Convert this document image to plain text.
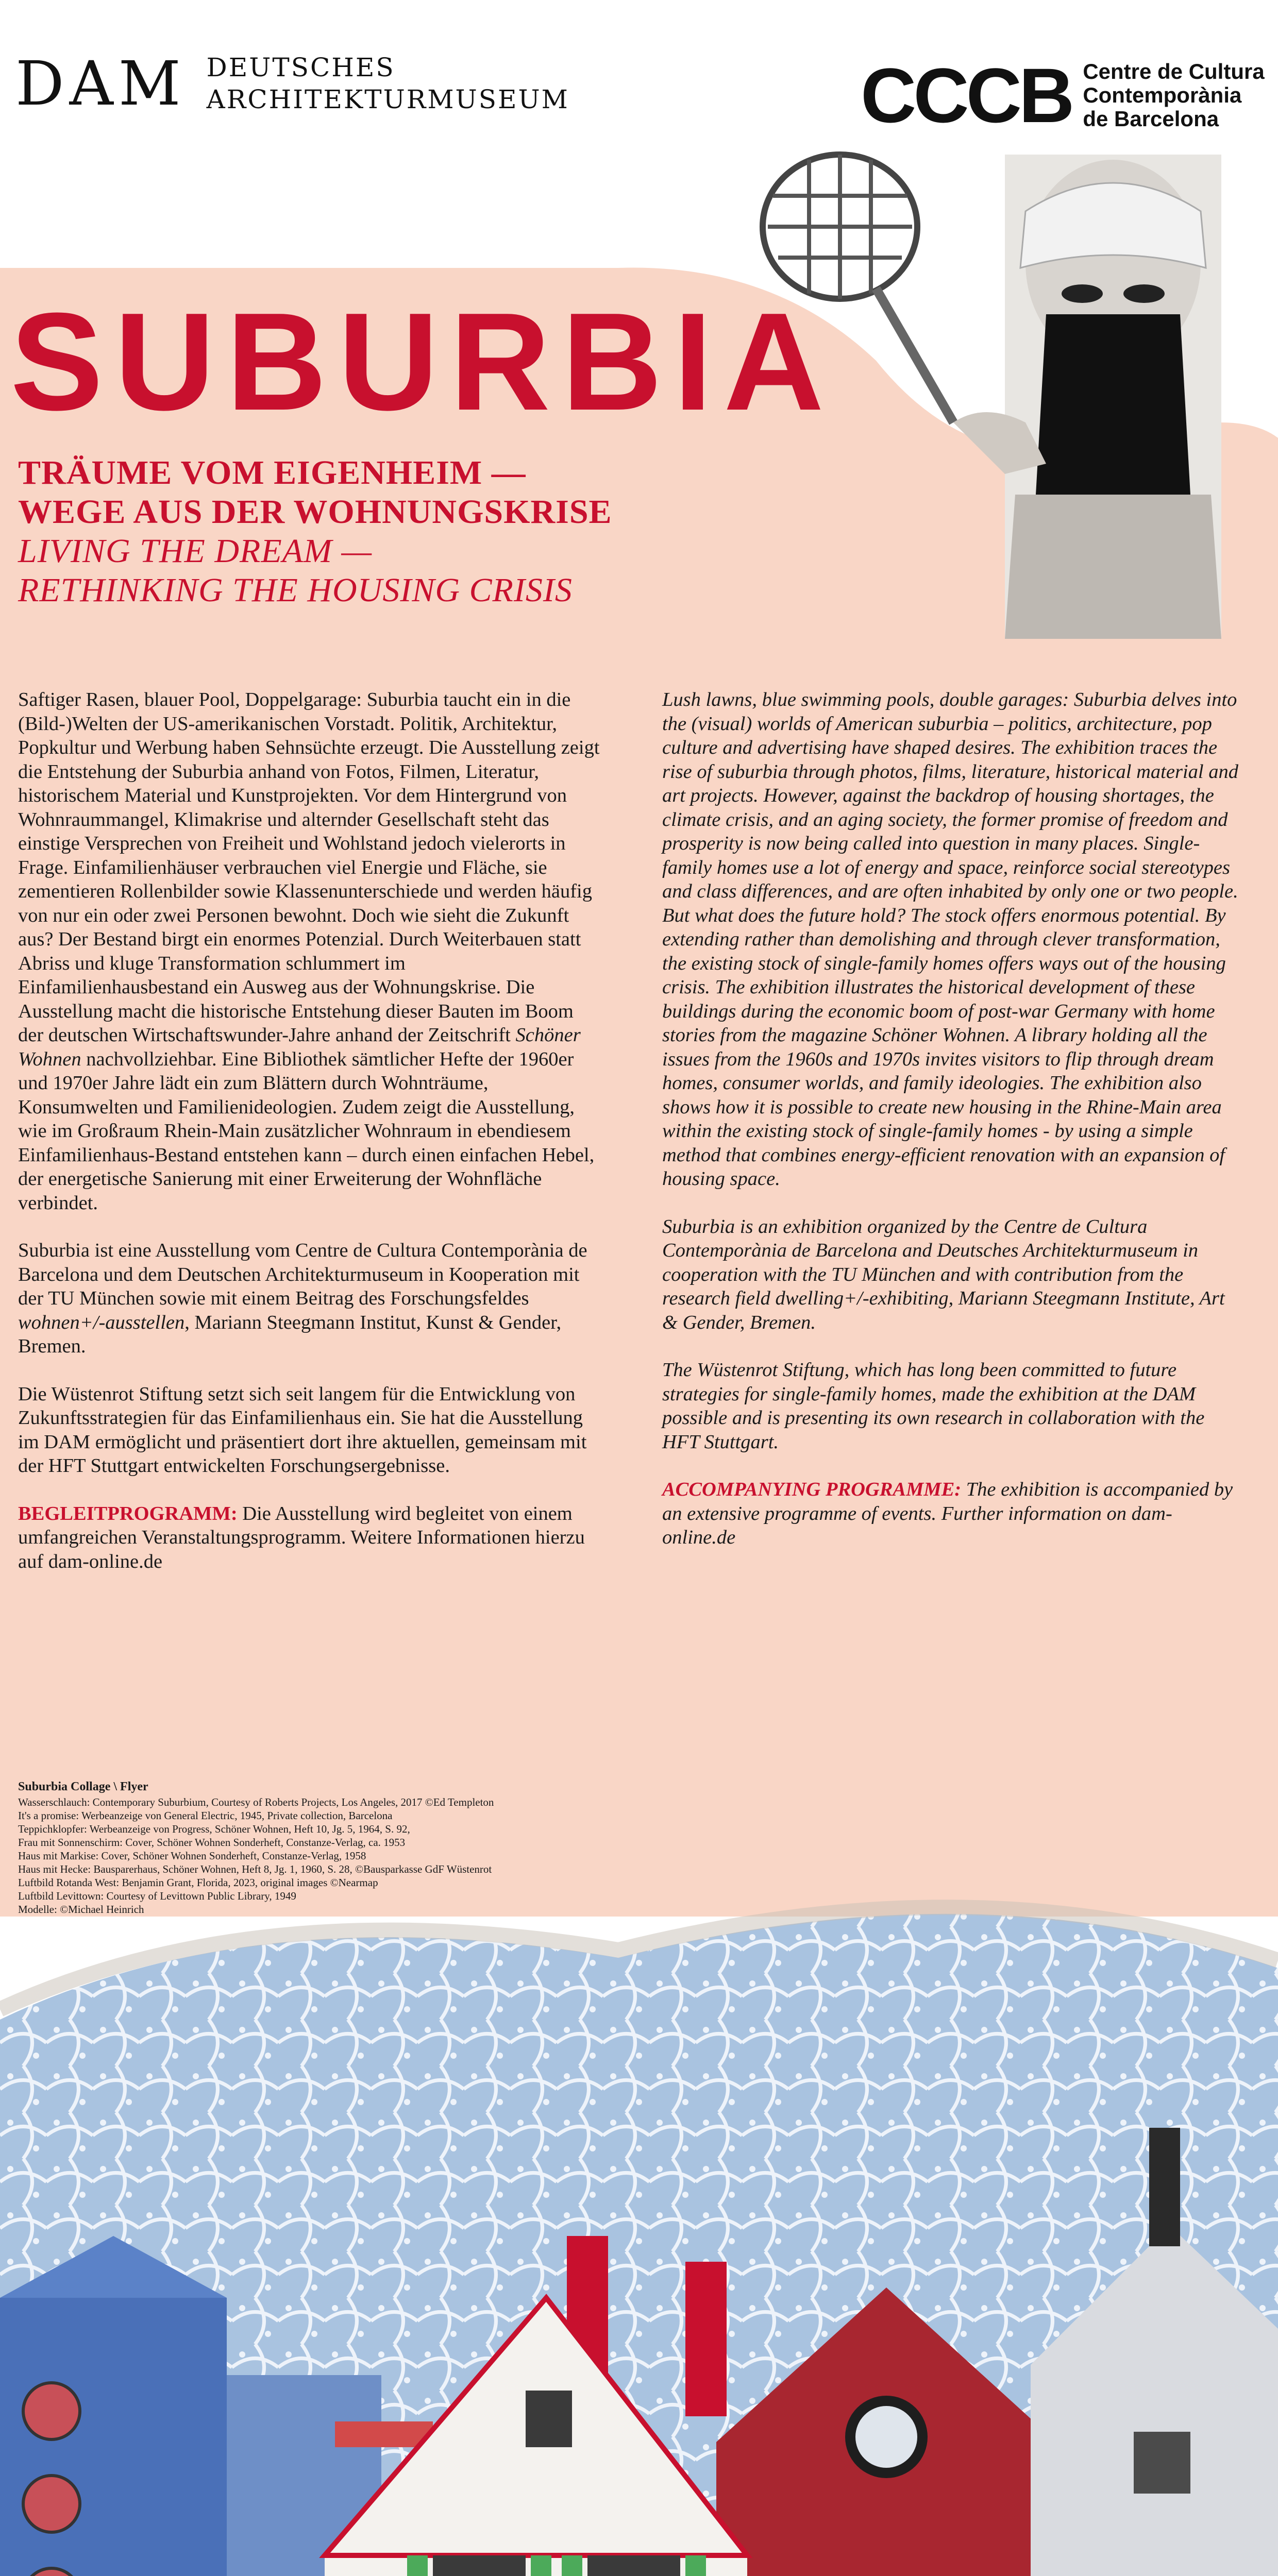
DAM DEUTSCHES
ARCHITEKTURMUSEUM	CCCB Centre de Cultura
Contemporània
de Barcelona
SUBURBIA
TRÄUME VOM EIGENHEIM —
WEGE AUS DER WOHNUNGSKRISE
LIVING THE DREAM —
RETHINKING THE HOUSING CRISIS

Saftiger Rasen, blauer Pool, Doppelgarage: Suburbia taucht ein in die (Bild-)Welten der US-amerikanischen Vorstadt. Politik, Architektur, Popkultur und Werbung haben Sehnsüchte erzeugt. Die Ausstellung zeigt die Entstehung der Suburbia anhand von Fotos, Filmen, Literatur, historischem Material und Kunstprojekten. Vor dem Hintergrund von Wohnraummangel, Klimakrise und alternder Gesellschaft steht das einstige Versprechen von Freiheit und Wohlstand jedoch vielerorts in Frage. Einfamilienhäuser verbrauchen viel Energie und Fläche, sie zementieren Rollenbilder sowie Klassenunterschiede und werden häufig von nur ein oder zwei Personen bewohnt. Doch wie sieht die Zukunft aus? Der Bestand birgt ein enormes Potenzial. Durch Weiterbauen statt Abriss und kluge Transformation schlummert im Einfamilienhausbestand ein Ausweg aus der Wohnungskrise. Die Ausstellung macht die historische Entstehung dieser Bauten im Boom der deutschen Wirtschaftswunder-Jahre anhand der Zeitschrift Schöner Wohnen nachvollziehbar. Eine Bibliothek sämtlicher Hefte der 1960er und 1970er Jahre lädt ein zum Blättern durch Wohnträume, Konsumwelten und Familienideologien. Zudem zeigt die Ausstellung, wie im Großraum Rhein-Main zusätzlicher Wohnraum in ebendiesem Einfamilienhaus-Bestand entstehen kann – durch einen einfachen Hebel, der energetische Sanierung mit einer Erweiterung der Wohnfläche verbindet.

Suburbia ist eine Ausstellung vom Centre de Cultura Contemporània de Barcelona und dem Deutschen Architekturmuseum in Kooperation mit der TU München sowie mit einem Beitrag des Forschungsfeldes wohnen+/-ausstellen, Mariann Steegmann Institut, Kunst & Gender, Bremen.

Die Wüstenrot Stiftung setzt sich seit langem für die Entwicklung von Zukunftsstrategien für das Einfamilienhaus ein. Sie hat die Ausstellung im DAM ermöglicht und präsentiert dort ihre aktuellen, gemeinsam mit der HFT Stuttgart entwickelten Forschungsergebnisse.

BEGLEITPROGRAMM: Die Ausstellung wird begleitet von einem umfangreichen Veranstaltungsprogramm. Weitere Informationen hierzu auf dam-online.de

Lush lawns, blue swimming pools, double garages: Suburbia delves into the (visual) worlds of American suburbia – politics, architecture, pop culture and advertising have shaped desires. The exhibition traces the rise of suburbia through photos, films, literature, historical material and art projects. However, against the backdrop of housing shortages, the climate crisis, and an aging society, the former promise of freedom and prosperity is now being called into question in many places. Single-family homes use a lot of energy and space, reinforce social stereotypes and class differences, and are often inhabited by only one or two people. But what does the future hold? The stock offers enormous potential. By extending rather than demolishing and through clever transformation, the existing stock of single-family homes offers ways out of the housing crisis. The exhibition illustrates the historical development of these buildings during the economic boom of post-war Germany with home stories from the magazine Schöner Wohnen. A library holding all the issues from the 1960s and 1970s invites visitors to flip through dream homes, consumer worlds, and family ideologies. The exhibition also shows how it is possible to create new housing in the Rhine-Main area within the existing stock of single-family homes - by using a simple method that combines energy-efficient renovation with an expansion of housing space.

Suburbia is an exhibition organized by the Centre de Cultura Contemporània de Barcelona and Deutsches Architekturmuseum in cooperation with the TU München and with contribution from the research field dwelling+/-exhibiting, Mariann Steegmann Institute, Art & Gender, Bremen.

The Wüstenrot Stiftung, which has long been committed to future strategies for single-family homes, made the exhibition at the DAM possible and is presenting its own research in collaboration with the HFT Stuttgart.

ACCOMPANYING PROGRAMME: The exhibition is accompanied by an extensive programme of events. Further information on dam-online.de

Suburbia Collage \ Flyer
Wasserschlauch: Contemporary Suburbium, Courtesy of Roberts Projects, Los Angeles, 2017 ©Ed Templeton
It's a promise: Werbeanzeige von General Electric, 1945, Private collection, Barcelona
Teppichklopfer: Werbeanzeige von Progress, Schöner Wohnen, Heft 10, Jg. 5, 1964, S. 92,
Frau mit Sonnenschirm: Cover, Schöner Wohnen Sonderheft, Constanze-Verlag, ca. 1953
Haus mit Markise: Cover, Schöner Wohnen Sonderheft, Constanze-Verlag, 1958
Haus mit Hecke: Bausparerhaus, Schöner Wohnen, Heft 8, Jg. 1, 1960, S. 28, ©Bausparkasse GdF Wüstenrot
Luftbild Rotanda West: Benjamin Grant, Florida, 2023, original images ©Nearmap
Luftbild Levittown: Courtesy of Levittown Public Library, 1949
Modelle: ©Michael Heinrich
